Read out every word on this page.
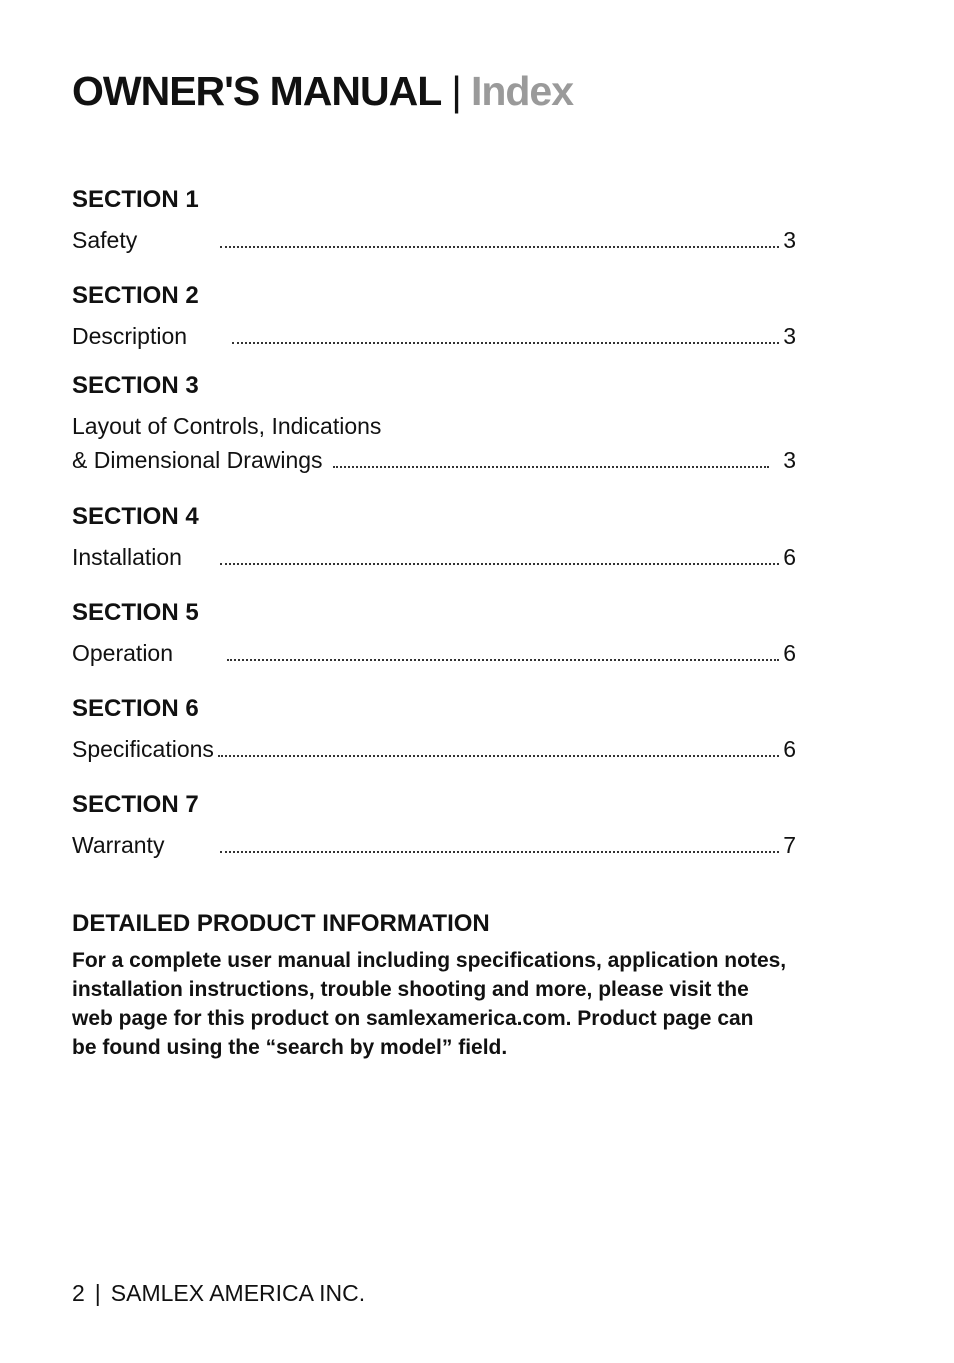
OWNER'S MANUAL | Index
SECTION 1
Safety	3
SECTION 2
Description	3
SECTION 3
Layout of Controls, Indications
& Dimensional Drawings	3
SECTION 4
Installation	6
SECTION 5
Operation	6
SECTION 6
Specifications	6
SECTION 7
Warranty	7
DETAILED PRODUCT INFORMATION
For a complete user manual including specifications, application notes,
installation instructions, trouble shooting and more, please visit the
web page for this product on samlexamerica.com. Product page can
be found using the “search by model” field.
2 | SAMLEX AMERICA INC.
